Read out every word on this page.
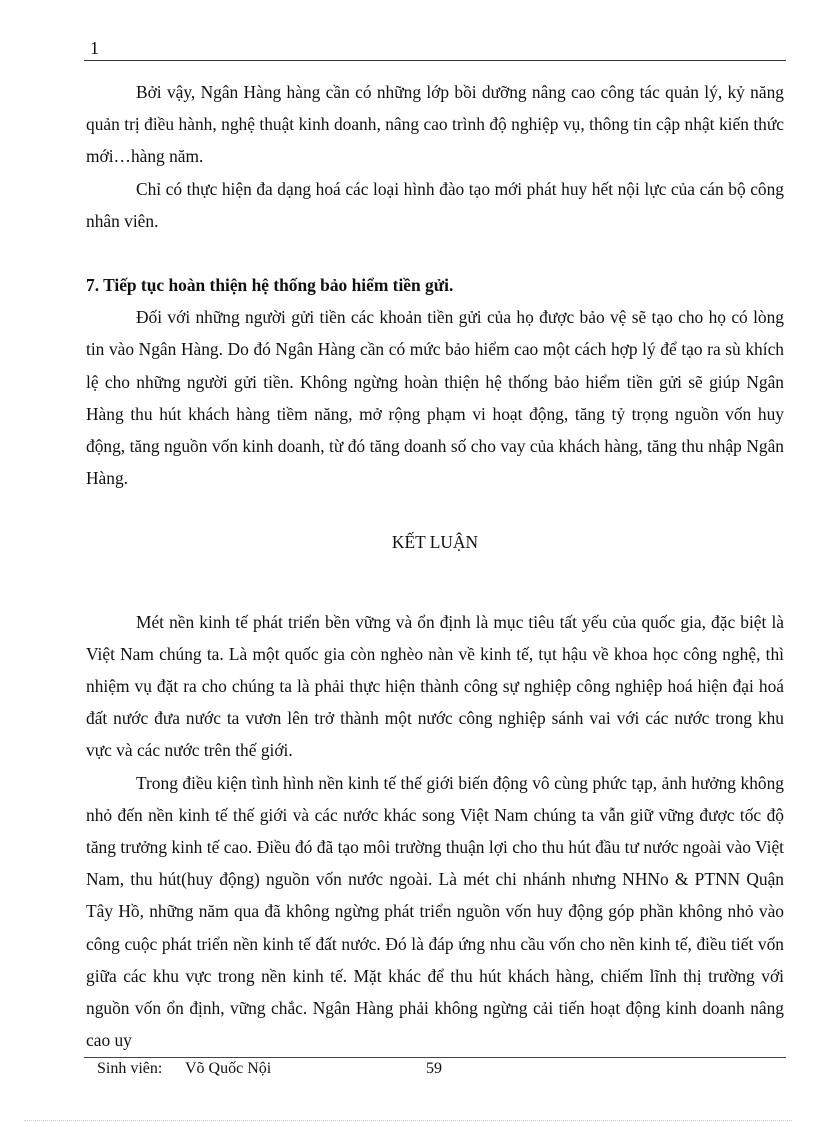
1

Bởi vậy, Ngân Hàng hàng cần có những lớp bồi dưỡng nâng cao công tác quản lý, kỷ năng quản trị điều hành, nghệ thuật kinh doanh, nâng cao trình độ nghiệp vụ, thông tin cập nhật kiến thức mới…hàng năm.

Chỉ có thực hiện đa dạng hoá các loại hình đào tạo mới phát huy hết nội lực của cán bộ công nhân viên.

7. Tiếp tục hoàn thiện hệ thống bảo hiểm tiền gửi.

Đối với những người gửi tiền các khoản tiền gửi của họ được bảo vệ sẽ tạo cho họ có lòng tin vào Ngân Hàng. Do đó Ngân Hàng cần có mức bảo hiểm cao một cách hợp lý để tạo ra sù khích lệ cho những người gửi tiền. Không ngừng hoàn thiện hệ thống bảo hiểm tiền gửi sẽ giúp Ngân Hàng thu hút khách hàng tiềm năng, mở rộng phạm vi hoạt động, tăng tỷ trọng nguồn vốn huy động, tăng nguồn vốn kinh doanh, từ đó tăng doanh số cho vay của khách hàng, tăng thu nhập Ngân Hàng.

KẾT LUẬN

Mét nền kinh tế phát triển bền vững và ổn định là mục tiêu tất yếu của quốc gia, đặc biệt là Việt Nam chúng ta. Là một quốc gia còn nghèo nàn về kinh tế, tụt hậu về khoa học công nghệ, thì nhiệm vụ đặt ra cho chúng ta là phải thực hiện thành công sự nghiệp công nghiệp hoá hiện đại hoá đất nước đưa nước ta vươn lên trở thành một nước công nghiệp sánh vai với các nước trong khu vực và các nước trên thế giới.

Trong điều kiện tình hình nền kinh tế thế giới biến động vô cùng phức tạp, ảnh hưởng không nhỏ đến nền kinh tế thế giới và các nước khác song Việt Nam chúng ta vẫn giữ vững được tốc độ tăng trưởng kinh tế cao. Điều đó đã tạo môi trường thuận lợi cho thu hút đầu tư nước ngoài vào Việt Nam, thu hút(huy động) nguồn vốn nước ngoài. Là mét chi nhánh nhưng NHNo & PTNN Quận Tây Hồ, những năm qua đã không ngừng phát triển nguồn vốn huy động góp phần không nhỏ vào công cuộc phát triển nền kinh tế đất nước. Đó là đáp ứng nhu cầu vốn cho nền kinh tế, điều tiết vốn giữa các khu vực trong nền kinh tế. Mặt khác để thu hút khách hàng, chiếm lĩnh thị trường với nguồn vốn ổn định, vững chắc. Ngân Hàng phải không ngừng cải tiến hoạt động kinh doanh nâng cao uy

Sinh viên: Võ Quốc Nội	59
